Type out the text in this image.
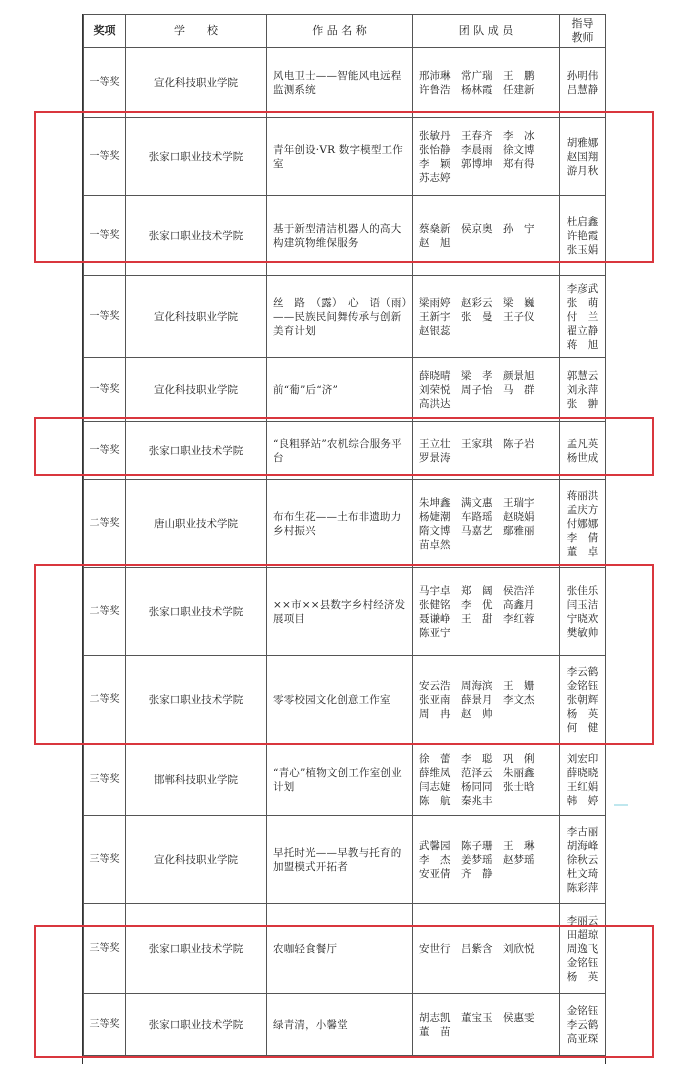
奖项	学　　校	作 品 名 称	团 队 成 员	指导
教师
一等奖	宣化科技职业学院	风电卫士——智能风电远程监测系统	邢沛琳　常广瑞　王　鹏
许鲁浩　杨林霞　任建新	孙明伟
吕慧静
一等奖	张家口职业技术学院	青年创设·VR 数字模型工作室	张敏丹　王春齐　李　冰
张怡静　李晨雨　徐文博
李　颖　郭博坤　郑有得
苏志婷	胡雅娜
赵国翔
游月秋
一等奖	张家口职业技术学院	基于新型清洁机器人的高大构建筑物维保服务	蔡燊新　侯京奥　孙　宁
赵　旭	杜启鑫
许艳霞
张玉娟
一等奖	宣化科技职业学院	丝　路　（露）　心　语（雨）——民族民间舞传承与创新美育计划	梁雨婷　赵彩云　梁　巍
王新宇　张　曼　王子仪
赵银蕊	李彦武
张　萌
付　兰
翟立静
蒋　旭
一等奖	宣化科技职业学院	前“葡”后“济”	薛晓晴　梁　孝　颜景旭
刘荣悦　周子怡　马　群
高洪达	郭慧云
刘永萍
张　翀
一等奖	张家口职业技术学院	“良粗驿站”农机综合服务平台	王立壮　王家琪　陈子岩
罗景涛	孟凡英
杨世成
二等奖	唐山职业技术学院	布布生花——土布非遗助力乡村振兴	朱坤鑫　满文惠　王瑞宇
杨婕潮　车路瑶　赵晓娟
隋文博　马嘉艺　鄢雅丽
苗卓然	蒋丽洪
孟庆方
付娜娜
李　倩
董　卓
二等奖	张家口职业技术学院	××市××县数字乡村经济发展项目	马宇卓　郑　阔　侯浩洋
张健铭　李　优　高鑫月
聂谦峥　王　甜　李红蓉
陈亚宁	张佳乐
闫玉洁
宁晓欢
樊敏帅
二等奖	张家口职业技术学院	零零校园文化创意工作室	安云浩　周海滨　王　姗
张亚南　薛景月　李文杰
周　冉　赵　帅	李云鹤
金铭钰
张朝辉
杨　英
何　健
三等奖	邯郸科技职业学院	“青心”植物文创工作室创业计划	徐　蕾　李　聪　巩　俐
薛维凤　范泽云　朱丽鑫
闫志婕　杨同同　张士晗
陈　航　秦兆丰	刘宏印
薛晓晓
王红娟
韩　婷
三等奖	宣化科技职业学院	早托时光——早教与托育的加盟模式开拓者	武馨园　陈子珊　王　琳
李　杰　姜梦瑶　赵梦瑶
安亚倩　齐　静	李古丽
胡海峰
徐秋云
杜文琦
陈彩萍
三等奖	张家口职业技术学院	农咖轻食餐厅	安世行　吕紫含　刘欣悦	李丽云
田超琼
周逸飞
金铭钰
杨　英
三等奖	张家口职业技术学院	绿青清，小馨堂	胡志凯　董宝玉　侯惠雯
董　苗	金铭钰
李云鹤
高亚琛
